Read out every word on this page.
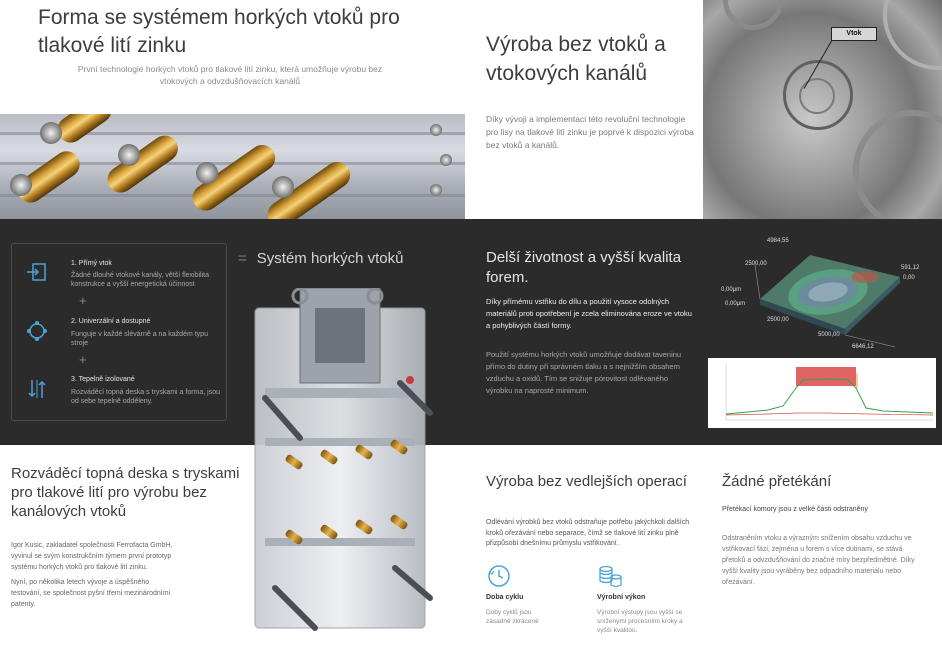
Forma se systémem horkých vtoků pro tlakové lití zinku
První technologie horkých vtoků pro tlakové lití zinku, která umožňuje výrobu bez vtokových a odvzdušňovacích kanálů
Výroba bez vtoků a vtokových kanálů
Díky vývoji a implementaci této revoluční technologie pro lisy na tlakové lití zinku je poprvé k dispozici výroba bez vtoků a kanálů.
Vtok
1. Přímý vtok
Žádné dlouhé vtokové kanály, větší flexibilita konstrukce a vyšší energetická účinnost
+
2. Univerzální a dostupné
Funguje v každé slévárně a na každém typu stroje
+
3. Tepelně izolované
Rozváděcí topná deska s tryskami a forma, jsou od sebe tepelně odděleny.
= Systém horkých vtoků	Delší životnost a vyšší kvalita forem.
Díky přímému vstřiku do dílu a použití vysoce odolných materiálů proti opotřebení je zcela eliminována eroze ve vtoku a pohyblivých částí formy.
Použití systému horkých vtoků umožňuje dodávat taveninu přímo do dutiny při správném tlaku a s nejnižším obsahem vzduchu a oxidů. Tím se snižuje pórovitost odlévaného výrobku na naprosté minimum.
4984,55
2500,00
0,00μm
0,00μm
591,12
0,00
2500,00
5000,00
6646,12
Rozváděcí topná deska s tryskami pro tlakové lití pro výrobu bez kanálových vtoků
Igor Kusic, zakladatel společnosti Ferrofacta GmbH, vyvinul se svým konstrukčním týmem první prototyp systému horkých vtoků pro tlakové lití zinku.
Nyní, po několika letech vývoje a úspěšného testování, se společnost pyšní třemi mezinárodními patenty.
Výroba bez vedlejších operací
Odlévání výrobků bez vtoků odstraňuje potřebu jakýchkoli dalších kroků ořezávání nebo separace, čímž se tlakové lití zinku plně přizpůsobí dnešnímu průmyslu vstřikování.
Doba cyklu
Doby cyklů jsou zásadně zkrácené
Výrobní výkon
Výrobní výstupy jsou vyšší se sníženými procesními kroky a vyšší kvalitou.
Žádné přetékání
Přetékací komory jsou z velké části odstraněny
Odstraněním vtoku a výrazným snížením obsahu vzduchu ve vstřikovací fázi, zejména u forem s více dutinami, se stává přetoků a odvzdušňování do značné míry bezpředmětné. Díky vyšší kvality jsou vyráběny bez odpadního materiálu nebo ořezávání.
